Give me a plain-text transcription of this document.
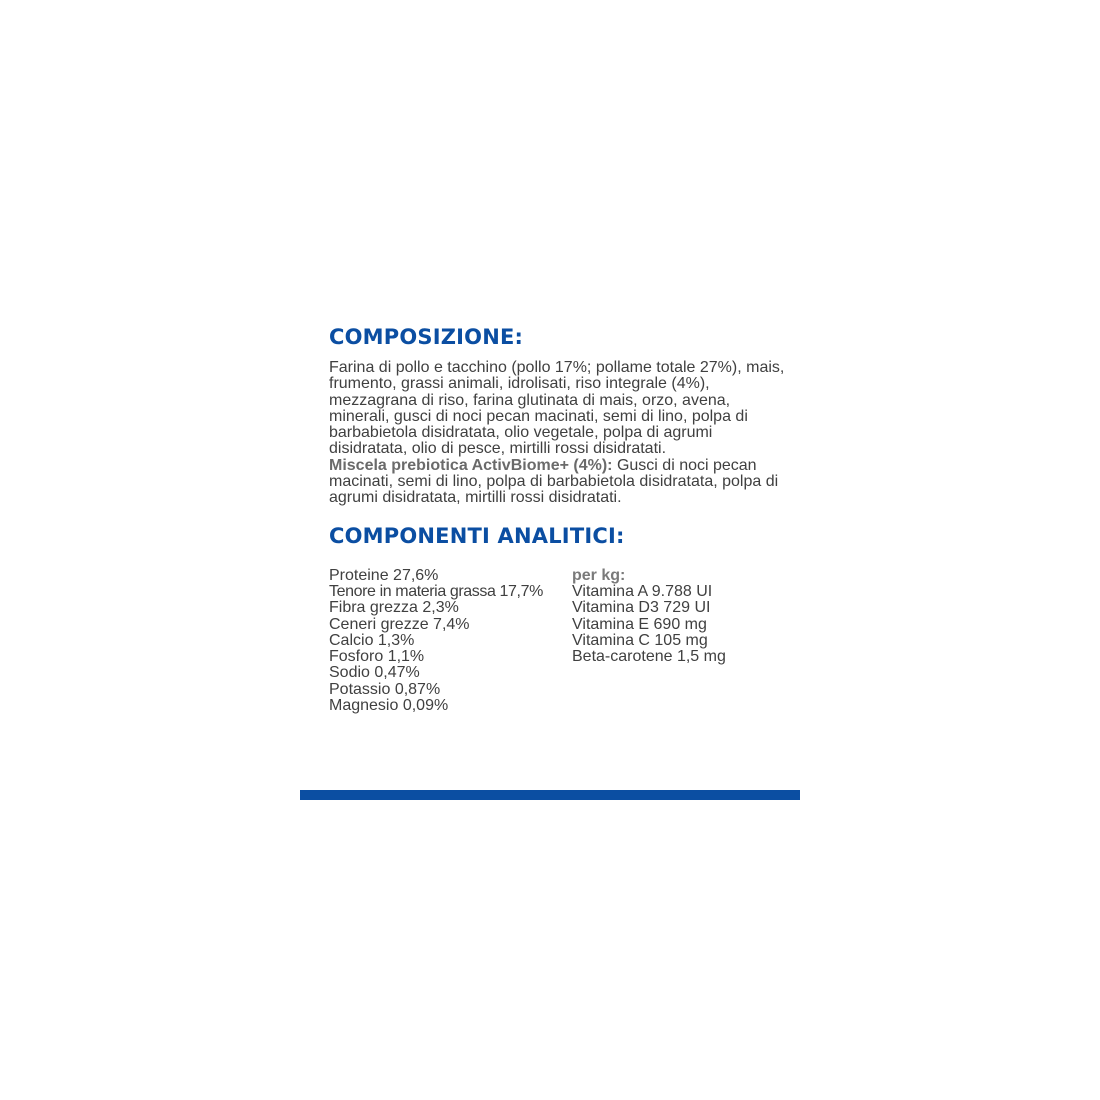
COMPOSIZIONE:

Farina di pollo e tacchino (pollo 17%; pollame totale 27%), mais, frumento, grassi animali, idrolisati, riso integrale (4%), mezzagrana di riso, farina glutinata di mais, orzo, avena, minerali, gusci di noci pecan macinati, semi di lino, polpa di barbabietola disidratata, olio vegetale, polpa di agrumi disidratata, olio di pesce, mirtilli rossi disidratati.
Miscela prebiotica ActivBiome+ (4%): Gusci di noci pecan macinati, semi di lino, polpa di barbabietola disidratata, polpa di agrumi disidratata, mirtilli rossi disidratati.

COMPONENTI ANALITICI:
Proteine 27,6%
Tenore in materia grassa 17,7%
Fibra grezza 2,3%
Ceneri grezze 7,4%
Calcio 1,3%
Fosforo 1,1%
Sodio 0,47%
Potassio 0,87%
Magnesio 0,09%
per kg:
Vitamina A 9.788 UI
Vitamina D3 729 UI
Vitamina E 690 mg
Vitamina C 105 mg
Beta-carotene 1,5 mg
